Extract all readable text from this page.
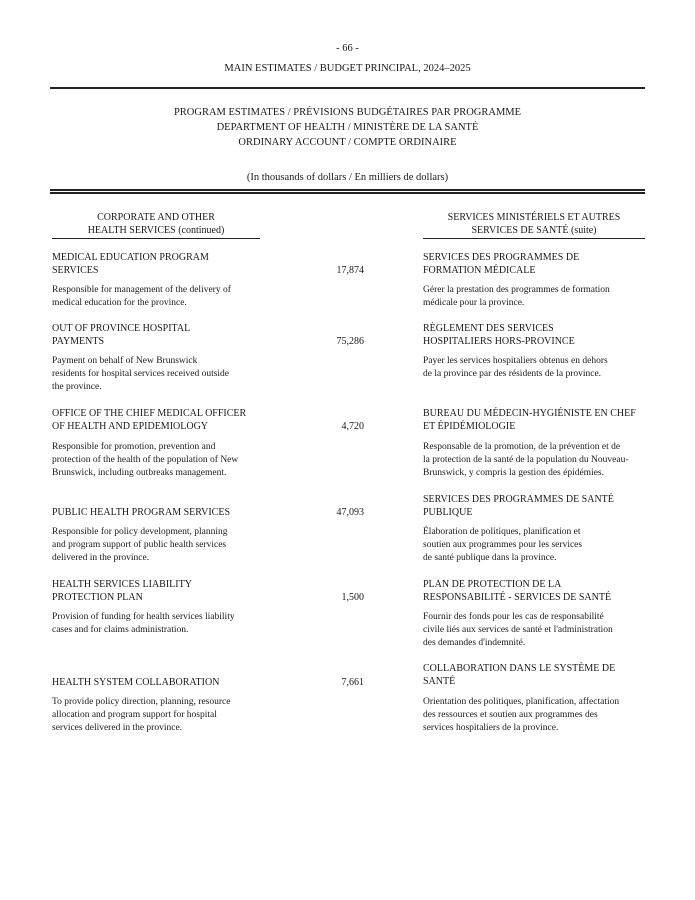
- 66 -
MAIN ESTIMATES / BUDGET PRINCIPAL, 2024–2025
PROGRAM ESTIMATES / PRÉVISIONS BUDGÉTAIRES PAR PROGRAMME
DEPARTMENT OF HEALTH / MINISTÈRE DE LA SANTÉ
ORDINARY ACCOUNT / COMPTE ORDINAIRE
(In thousands of dollars / En milliers de dollars)
CORPORATE AND OTHER
HEALTH SERVICES (continued)
SERVICES MINISTÉRIELS ET AUTRES
SERVICES DE SANTÉ (suite)
MEDICAL EDUCATION PROGRAM
SERVICES
Responsible for management of the delivery of
medical education for the province.
SERVICES DES PROGRAMMES DE
FORMATION MÉDICALE
Gérer la prestation des programmes de formation
médicale pour la province.
17,874
OUT OF PROVINCE HOSPITAL
PAYMENTS
Payment on behalf of New Brunswick
residents for hospital services received outside
the province.
RÈGLEMENT DES SERVICES
HOSPITALIERS HORS-PROVINCE
Payer les services hospitaliers obtenus en dehors
de la province par des résidents de la province.
75,286
OFFICE OF THE CHIEF MEDICAL OFFICER
OF HEALTH AND EPIDEMIOLOGY
Responsible for promotion, prevention and
protection of the health of the population of New
Brunswick, including outbreaks management.
BUREAU DU MÉDECIN-HYGIÉNISTE EN CHEF
ET ÉPIDÉMIOLOGIE
Responsable de la promotion, de la prévention et de
la protection de la santé de la population du Nouveau-
Brunswick, y compris la gestion des épidémies.
4,720
PUBLIC HEALTH PROGRAM SERVICES
Responsible for policy development, planning
and program support of public health services
delivered in the province.
SERVICES DES PROGRAMMES DE SANTÉ
PUBLIQUE
Élaboration de politiques, planification et
soutien aux programmes pour les services
de santé publique dans la province.
47,093
HEALTH SERVICES LIABILITY
PROTECTION PLAN
Provision of funding for health services liability
cases and for claims administration.
PLAN DE PROTECTION DE LA
RESPONSABILITÉ - SERVICES DE SANTÉ
Fournir des fonds pour les cas de responsabilité
civile liés aux services de santé et l'administration
des demandes d'indemnité.
1,500
HEALTH SYSTEM COLLABORATION
To provide policy direction, planning, resource
allocation and program support for hospital
services delivered in the province.
COLLABORATION DANS LE SYSTÈME DE
SANTÉ
Orientation des politiques, planification, affectation
des ressources et soutien aux programmes des
services hospitaliers de la province.
7,661
